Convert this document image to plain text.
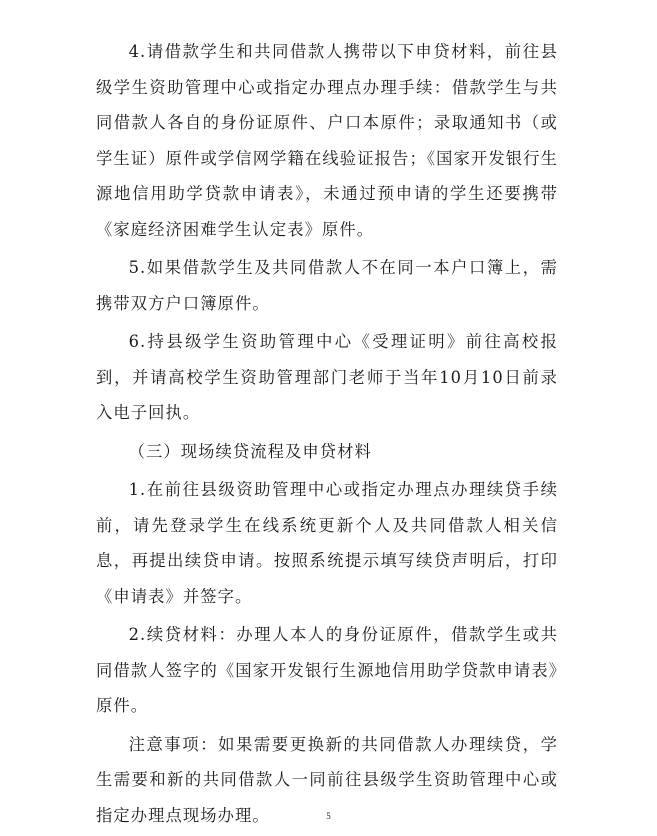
4.请借款学生和共同借款人携带以下申贷材料，前往县级学生资助管理中心或指定办理点办理手续：借款学生与共同借款人各自的身份证原件、户口本原件；录取通知书（或学生证）原件或学信网学籍在线验证报告；《国家开发银行生源地信用助学贷款申请表》，未通过预申请的学生还要携带《家庭经济困难学生认定表》原件。

5.如果借款学生及共同借款人不在同一本户口簿上，需携带双方户口簿原件。

6.持县级学生资助管理中心《受理证明》前往高校报到，并请高校学生资助管理部门老师于当年10月10日前录入电子回执。

（三）现场续贷流程及申贷材料

1.在前往县级资助管理中心或指定办理点办理续贷手续前，请先登录学生在线系统更新个人及共同借款人相关信息，再提出续贷申请。按照系统提示填写续贷声明后，打印《申请表》并签字。

2.续贷材料：办理人本人的身份证原件，借款学生或共同借款人签字的《国家开发银行生源地信用助学贷款申请表》原件。

注意事项：如果需要更换新的共同借款人办理续贷，学生需要和新的共同借款人一同前往县级学生资助管理中心或指定办理点现场办理。	5
